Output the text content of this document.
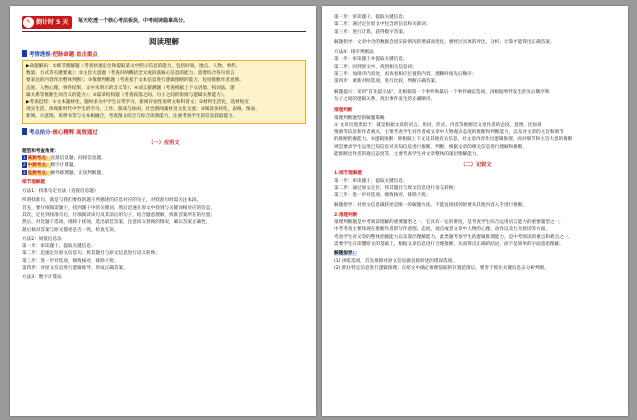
✎ 倒计时 5 天	每天吃透一个核心考法板块，中考阅读稳拿高分。
阅读理解
考情透视·把脉命题 直击重点
▶命题解码：①细节理解题（考查快速定位和提取某文中明示信息的能力，包括时间、地点、人物、事件、
数量、方式等关键要素）；②主旨大意题（考查归纳概括全文或段落核心信息的能力，需要综合各句语言
要表达的内容作出整体判断）；③推理判断题（考查基于文本信息进行逻辑推断的能力，包括推断作者意图、
态度、人物心理、事件结果、文中未明示的含义等）；④词义猜测题（考查根据上下文语境、构词法、逻
辑关系等推断生词含义的能力）；⑤篇章结构题（考查段落之间、句子之间的衔接与逻辑关系能力）。
▶考查趋势：①文本题材化，题材多为中学生日常学习、新闻评论性说明文和科普文；②材料生活化，选材贴近
现实生活，体现新时代中学生的学习、工作、游戏与休闲、社会新闻素材及文化交流；③阅读多样化，表格、图表、
新闻、示意图、说明书等与文本相融合，考查图文结合与综合读图能力，注重考查学生的信息获取能力。
考点拾分·核心精粹 高效通过
（一）应用文
题型和考查角度：
1 高频考点：直接信息题；间接信息题。
2 中频考点：数字计算题。
3 低频考点：额外推理题；正误判断题。
细节理解题
方法1：找准句定位法（直接信息题）
所谓找准句，就是与我们要找的题干所描述的信息对应的句子，对找准句时需关注本段。
首先，要仔细阅读题干，找到题干中的关键词，然后迅速在原文中找到与关键词相对应的信息，
其次，定位到找准句后，仔细阅读该句及其前后的句子，结合题意理解，找准答案所在的位置；
然后，对比题干选项，排除干扰项，选出最佳答案，注意同义替换的情况，确认答案正确性，
最后核对答案与原文描述是否一致，检查无误。
方法2：间接信息法
第一步：审读题干，提取关键信息；
第二步：迅速定位原文信息句，将其题目与原文信息进行语义转换；
第三步：进一步对选项，细致核对，排除干扰；
第四步：对原文信息进行逻辑推导，形成正确答案。
方法3：数字计算法
第一步：审读题干，提取关键信息；
第二步：通过定位原文中包含的信息和关联词；
第三步：进行计算，获得数字答案。
解题指导：文章中含的数据会因实际情况的增减而变化，要经过具体的对比、分析、计算才能得出正确答案。
方法4：排序判断法
第一步：审读题干并提取关键信息；
第二步：回到原文中，找到相关信息词；
第三步：加排序内容处，再查看相应位置的内容，理顺时间先后顺序；
第四步：重新对照选项，进行比较，判断正确答案。
解题提示：采用"首先提示法"，先根据第一个事件和最后一个事件确定选项，再根据事件发生的先后顺序和
句子之间的逻辑关系，找出事件发生的正确顺序。
推理判断
推理判断题型的解题策略
① 文章出现类似于：就是根据文章的语言、用词、形式、内容等推断出文章作者的态度、意图，比如说
情感等信息和作者观点，主要考查学生对作者或文章中人物观点态度的推断和判断能力，以及对文章的主旨和细节
的推断把握能力。②逻辑推断：即根据上下文及其他有关信息，对文章内容作出逻辑推理，而对细节和主旨大意的推断
则是要求学生运用已知信息对未知信息进行推断、判断，根据文章的相关信息进行理解和推断，
能推断出作者的观点态度等，主要考查学生对文章整体的深层理解能力。
（二）记叙文
1.细节理解题
第一步：审读题干，提取关键信息；
第二步：通过原文定位，将其题目与原文信息进行语义转换；
第三步：进一步对选项，细致核对，排除干扰；
解题指导：对原文信息做转述是唯一的解题方法，不能直接找到的要从其他内容入手进行推断。
2.推理判断
推理判断题是中考阅读理解的重要题型之一，它具有一定的难度，是考查学生综合运用语言能力的重要题型之一，
中考考查主要体现在推断作者的写作意图、态度、观点或者文章中人物的心理、动作以及行为原因等方面，
考查学生对文章的整体把握能力以及深层理解能力。此类题考查学生的逻辑推理能力，是中考阅读的重点和难点之一，
需要学生在读懂原文的基础上，根据文章信息进行合理推断，从而得出正确的结论，而不是简单的字面意思理解。
解题指导：
(1) 浏览选项，首先排除对原文信息做直接转述的错误选项。
(2) 抓住特定信息进行逻辑推理：在原文中确定推理依据的位置范围后，要善于抓住关键信息去分析判断。
